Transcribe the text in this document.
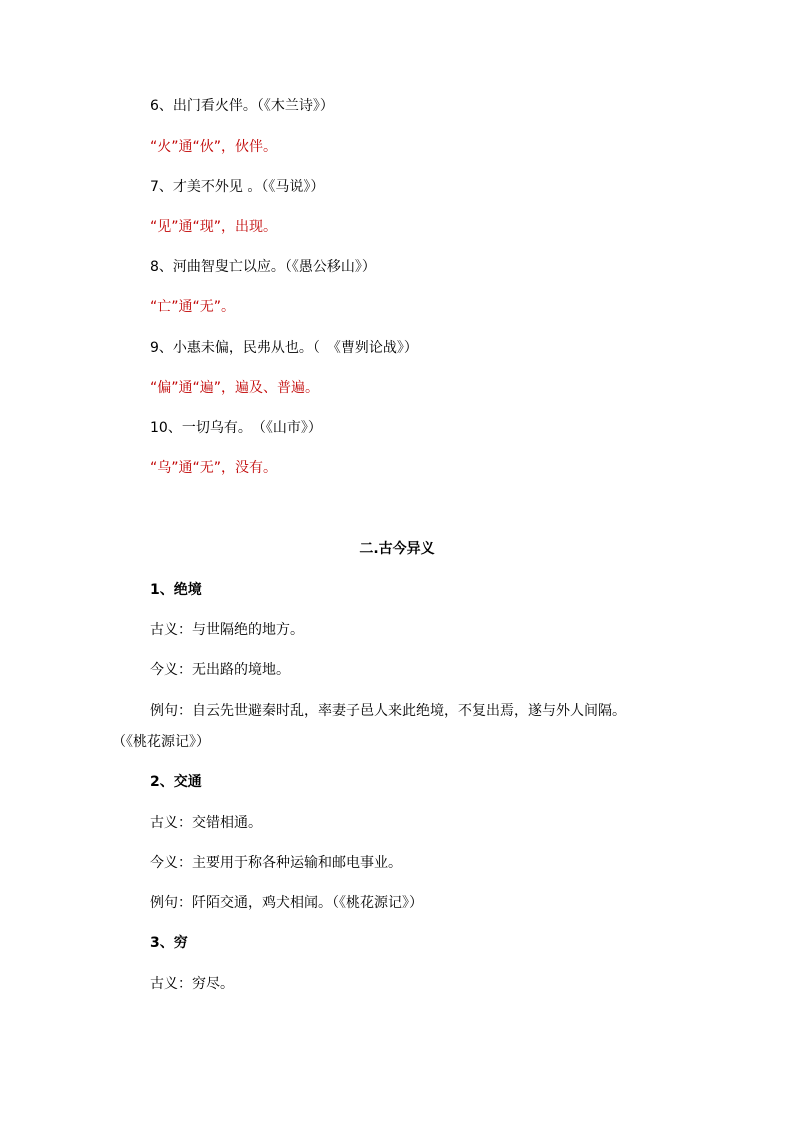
6、出门看火伴。（《木兰诗》）
“火”通“伙”，伙伴。
7、才美不外见 。（《马说》）
“见”通“现”，出现。
8、河曲智叟亡以应。（《愚公移山》）
“亡”通“无”。
9、小惠未偏，民弗从也。（　《曹刿论战》）
“偏”通“遍”，遍及、普遍。
10、一切乌有。　（《山市》）
“乌”通“无”，没有。
二.古今异义
1、绝境
古义：与世隔绝的地方。
今义：无出路的境地。
例句：自云先世避秦时乱，率妻子邑人来此绝境，不复出焉，遂与外人间隔。
（《桃花源记》）
2、交通
古义：交错相通。
今义：主要用于称各种运输和邮电事业。
例句：阡陌交通，鸡犬相闻。（《桃花源记》）
3、穷
古义：穷尽。
